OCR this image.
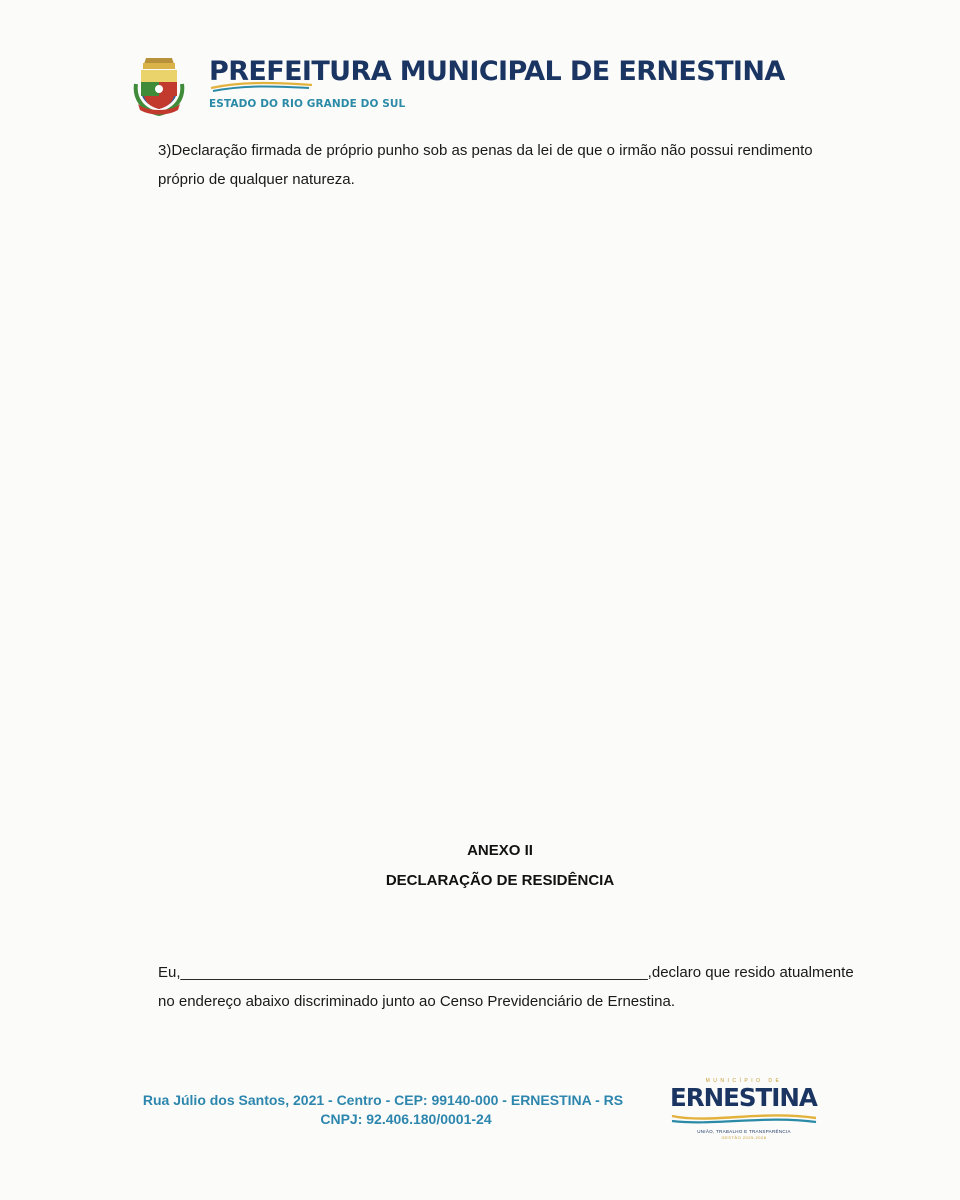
PREFEITURA MUNICIPAL DE ERNESTINA
ESTADO DO RIO GRANDE DO SUL
3)Declaração firmada de próprio punho sob as penas da lei de que o irmão não possui rendimento próprio de qualquer natureza.
ANEXO II
DECLARAÇÃO DE RESIDÊNCIA
Eu,________________________________________________________, declaro que resido atualmente
no endereço abaixo discriminado junto ao Censo Previdenciário de Ernestina.
Rua Júlio dos Santos, 2021 - Centro - CEP: 99140-000 - ERNESTINA - RS
CNPJ: 92.406.180/0001-24
MUNICÍPIO DE
ERNESTINA
UNIÃO, TRABALHO E TRANSPARÊNCIA
GESTÃO 2025-2028
